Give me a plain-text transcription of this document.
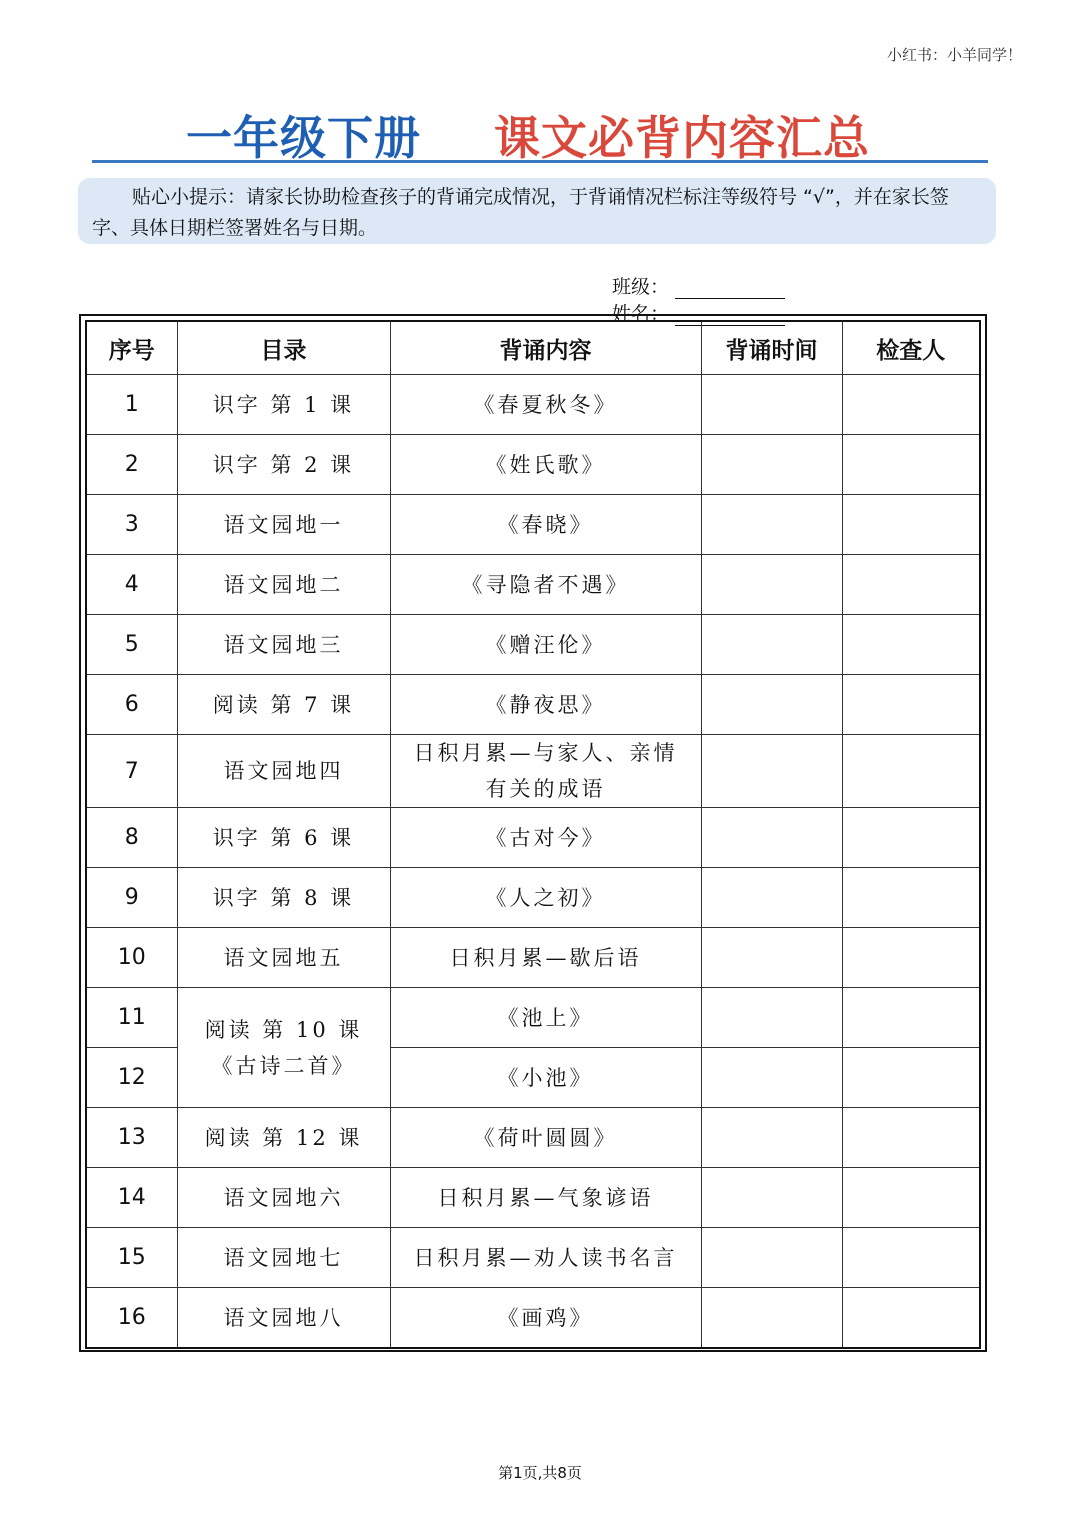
小红书：小羊同学！
一年级下册 课文必背内容汇总
贴心小提示：请家长协助检查孩子的背诵完成情况，于背诵情况栏标注等级符号 “√”，并在家长签字、具体日期栏签署姓名与日期。
班级： 姓名：
序号	目录	背诵内容	背诵时间	检查人
1	识字 第 1 课	《春夏秋冬》		
2	识字 第 2 课	《姓氏歌》		
3	语文园地一	《春晓》		
4	语文园地二	《寻隐者不遇》		
5	语文园地三	《赠汪伦》		
6	阅读 第 7 课	《静夜思》		
7	语文园地四	日积月累—与家人、亲情有关的成语		
8	识字 第 6 课	《古对今》		
9	识字 第 8 课	《人之初》		
10	语文园地五	日积月累—歇后语		
11	阅读 第 10 课《古诗二首》	《池上》		
12		《小池》		
13	阅读 第 12 课	《荷叶圆圆》		
14	语文园地六	日积月累—气象谚语		
15	语文园地七	日积月累—劝人读书名言		
16	语文园地八	《画鸡》		
第1页,共8页
